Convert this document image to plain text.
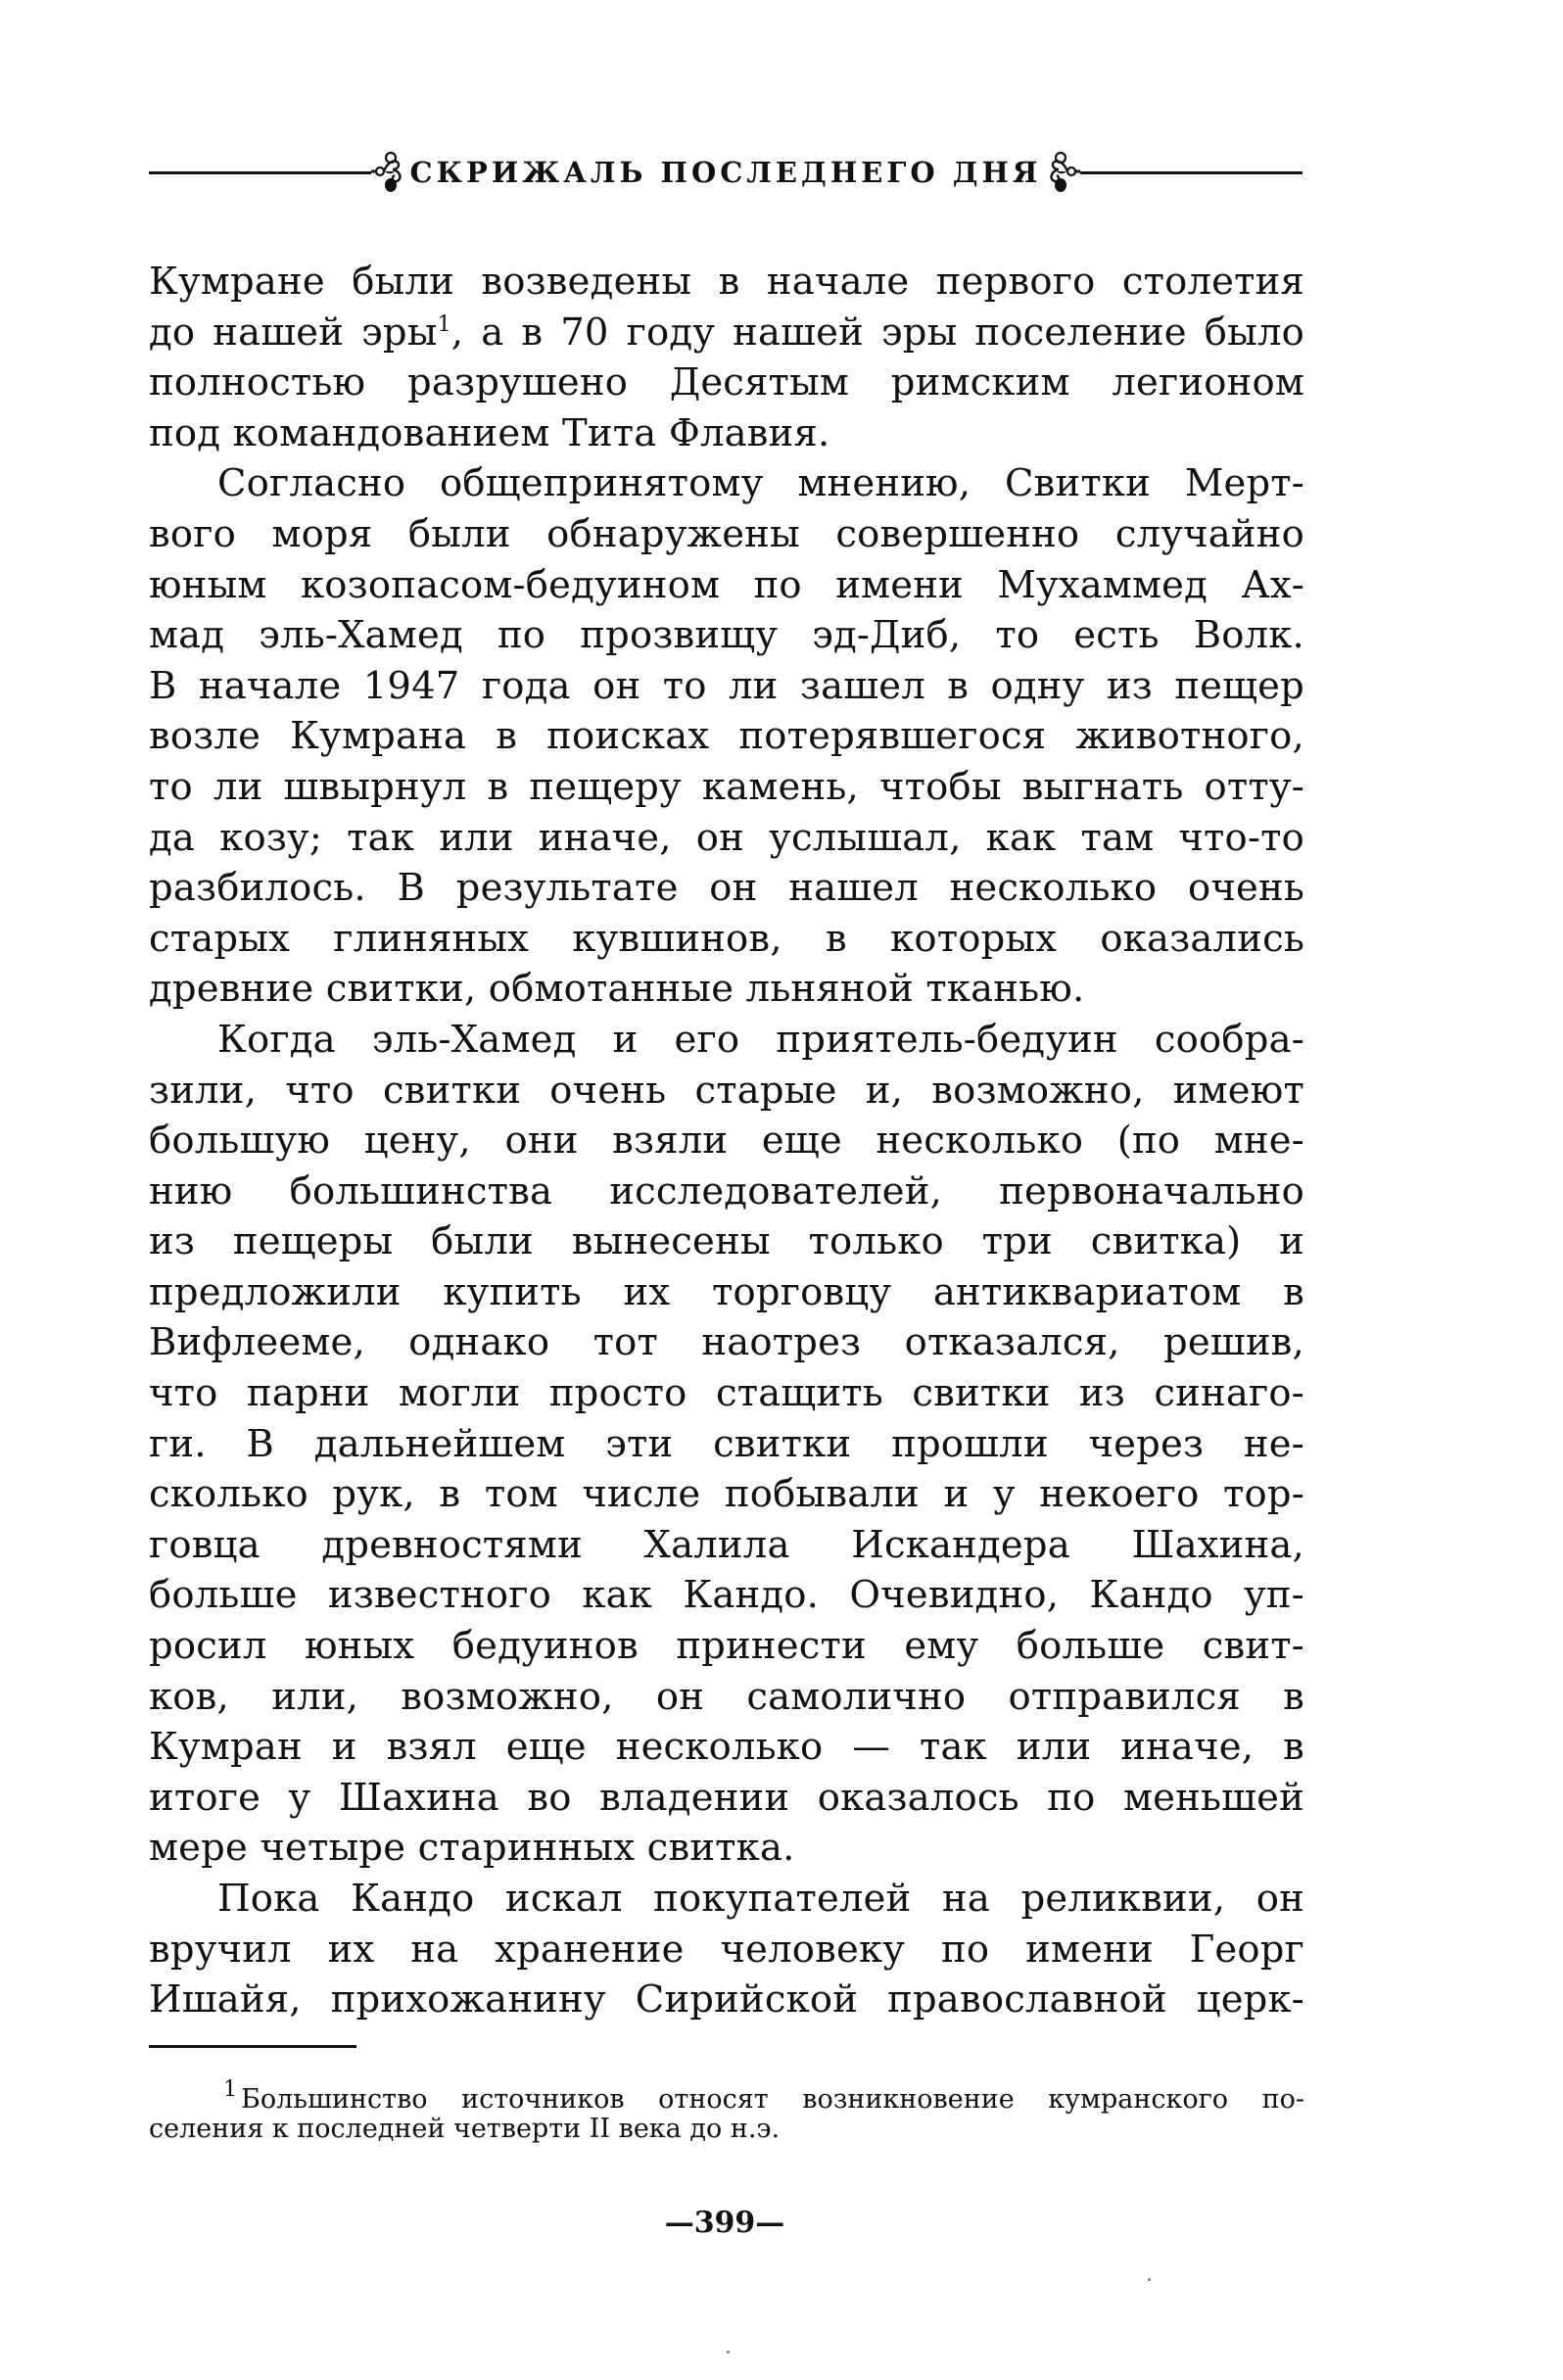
СКРИЖАЛЬ ПОСЛЕДНЕГО ДНЯ

Кумране были возведены в начале первого столетия
до нашей эры$^1$, а в 70 году нашей эры поселение было
полностью разрушено Десятым римским легионом
под командованием Тита Флавия.

Согласно общепринятому мнению, Свитки Мерт-
вого моря были обнаружены совершенно случайно
юным козопасом-бедуином по имени Мухаммед Ах-
мад эль-Хамед по прозвищу эд-Диб, то есть Волк.
В начале 1947 года он то ли зашел в одну из пещер
возле Кумрана в поисках потерявшегося животного,
то ли швырнул в пещеру камень, чтобы выгнать отту-
да козу; так или иначе, он услышал, как там что-то
разбилось. В результате он нашел несколько очень
старых глиняных кувшинов, в которых оказались
древние свитки, обмотанные льняной тканью.

Когда эль-Хамед и его приятель-бедуин сообра-
зили, что свитки очень старые и, возможно, имеют
большую цену, они взяли еще несколько (по мне-
нию большинства исследователей, первоначально
из пещеры были вынесены только три свитка) и
предложили купить их торговцу антиквариатом в
Вифлееме, однако тот наотрез отказался, решив,
что парни могли просто стащить свитки из синаго-
ги. В дальнейшем эти свитки прошли через не-
сколько рук, в том числе побывали и у некоего тор-
говца древностями Халила Искандера Шахина,
больше известного как Кандо. Очевидно, Кандо уп-
росил юных бедуинов принести ему больше свит-
ков, или, возможно, он самолично отправился в
Кумран и взял еще несколько — так или иначе, в
итоге у Шахина во владении оказалось по меньшей
мере четыре старинных свитка.

Пока Кандо искал покупателей на реликвии, он
вручил их на хранение человеку по имени Георг
Ишайя, прихожанину Сирийской православной церк-

$^1$ Большинство источников относят возникновение кумранского по-
селения к последней четверти II века до н.э.
—399—
